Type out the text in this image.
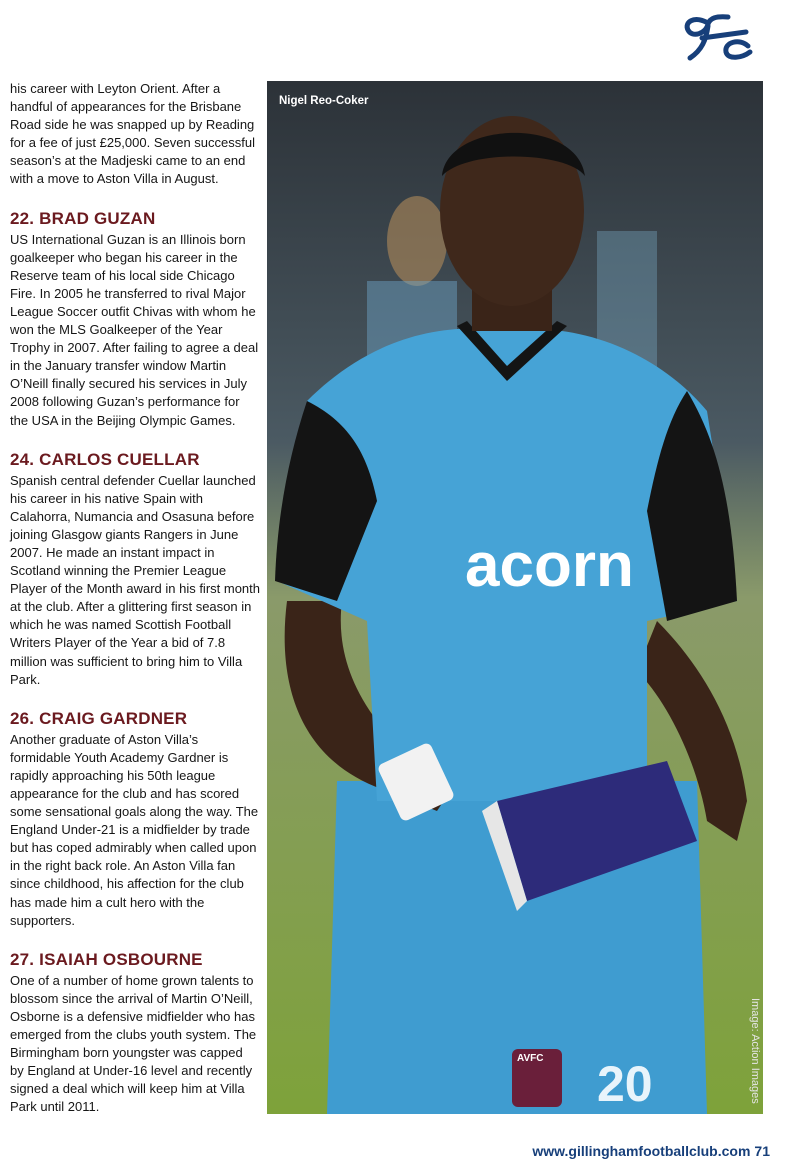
his career with Leyton Orient. After a handful of appearances for the Brisbane Road side he was snapped up by Reading for a fee of just £25,000. Seven successful season’s at the Madjeski came to an end with a move to Aston Villa in August.

22. BRAD GUZAN

US International Guzan is an Illinois born goalkeeper who began his career in the Reserve team of his local side Chicago Fire. In 2005 he transferred to rival Major League Soccer outfit Chivas with whom he won the MLS Goalkeeper of the Year Trophy in 2007. After failing to agree a deal in the January transfer window Martin O’Neill finally secured his services in July 2008 following Guzan’s performance for the USA in the Beijing Olympic Games.

24. CARLOS CUELLAR

Spanish central defender Cuellar launched his career in his native Spain with Calahorra, Numancia and Osasuna before joining Glasgow giants Rangers in June 2007. He made an instant impact in Scotland winning the Premier League Player of the Month award in his first month at the club. After a glittering first season in which he was named Scottish Football Writers Player of the Year a bid of 7.8 million was sufficient to bring him to Villa Park.

26. CRAIG GARDNER

Another graduate of Aston Villa’s formidable Youth Academy Gardner is rapidly approaching his 50th league appearance for the club and has scored some sensational goals along the way. The England Under-21 is a midfielder by trade but has coped admirably when called upon in the right back role. An Aston Villa fan since childhood, his affection for the club has made him a cult hero with the supporters.

27. ISAIAH OSBOURNE

One of a number of home grown talents to blossom since the arrival of Martin O’Neill, Osborne is a defensive midfielder who has emerged from the clubs youth system. The Birmingham born youngster was capped by England at Under-16 level and recently signed a deal which will keep him at Villa Park until 2011.

acorn
AVFC 20
Nigel Reo-Coker
Image: Action Images
www.gillinghamfootballclub.com 71
